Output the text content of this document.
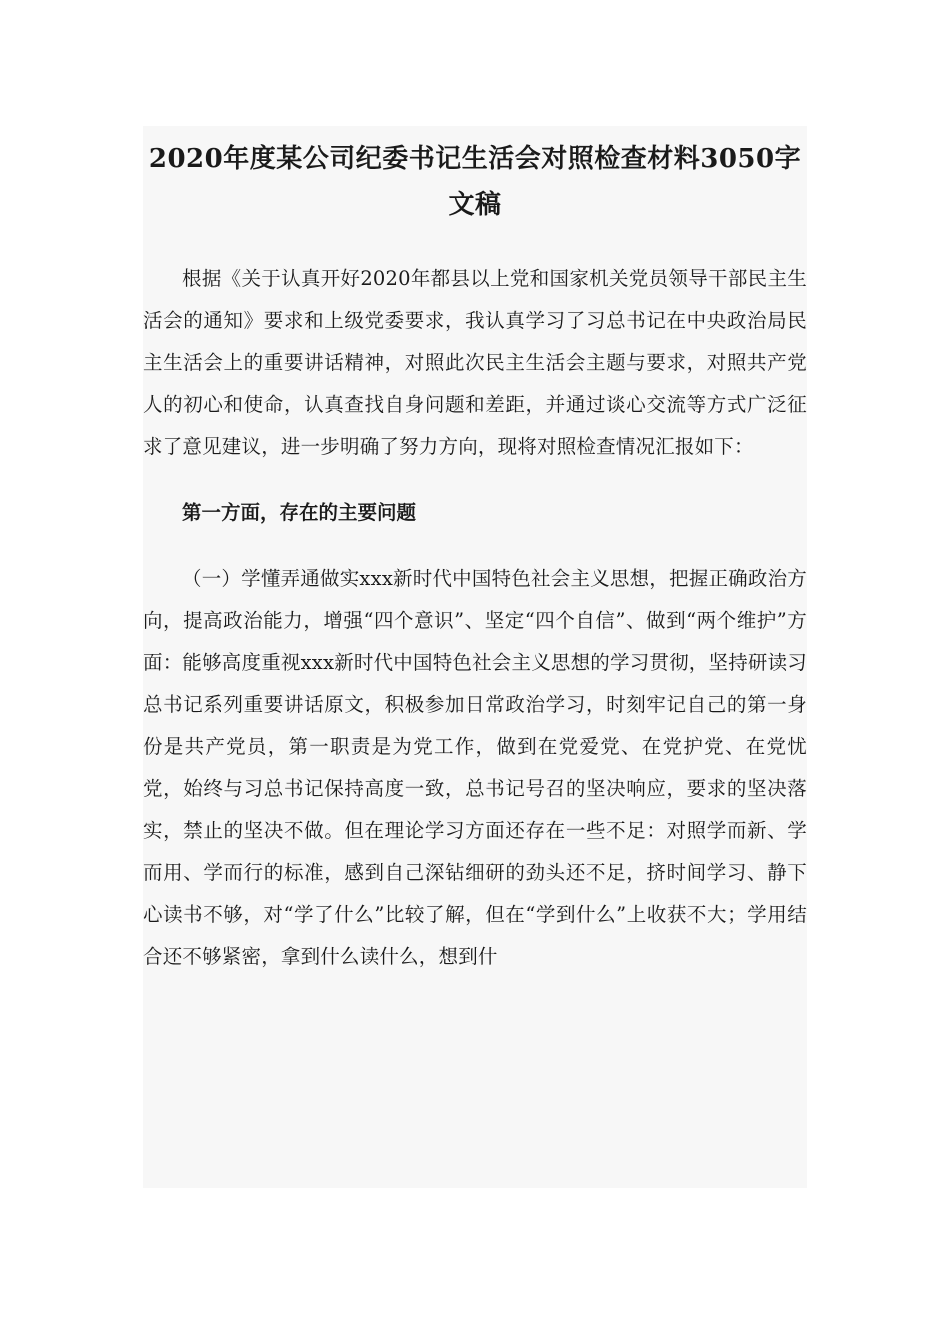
2020年度某公司纪委书记生活会对照检查材料3050字文稿

根据《关于认真开好2020年都县以上党和国家机关党员领导干部民主生活会的通知》要求和上级党委要求，我认真学习了习总书记在中央政治局民主生活会上的重要讲话精神，对照此次民主生活会主题与要求，对照共产党人的初心和使命，认真查找自身问题和差距，并通过谈心交流等方式广泛征求了意见建议，进一步明确了努力方向，现将对照检查情况汇报如下：

第一方面，存在的主要问题

（一）学懂弄通做实xxx新时代中国特色社会主义思想，把握正确政治方向，提高政治能力，增强“四个意识”、坚定“四个自信”、做到“两个维护”方面：能够高度重视xxx新时代中国特色社会主义思想的学习贯彻，坚持研读习总书记系列重要讲话原文，积极参加日常政治学习，时刻牢记自己的第一身份是共产党员，第一职责是为党工作，做到在党爱党、在党护党、在党忧党，始终与习总书记保持高度一致，总书记号召的坚决响应，要求的坚决落实，禁止的坚决不做。但在理论学习方面还存在一些不足：对照学而新、学而用、学而行的标准，感到自己深钻细研的劲头还不足，挤时间学习、静下心读书不够，对“学了什么”比较了解，但在“学到什么”上收获不大；学用结合还不够紧密，拿到什么读什么，想到什
